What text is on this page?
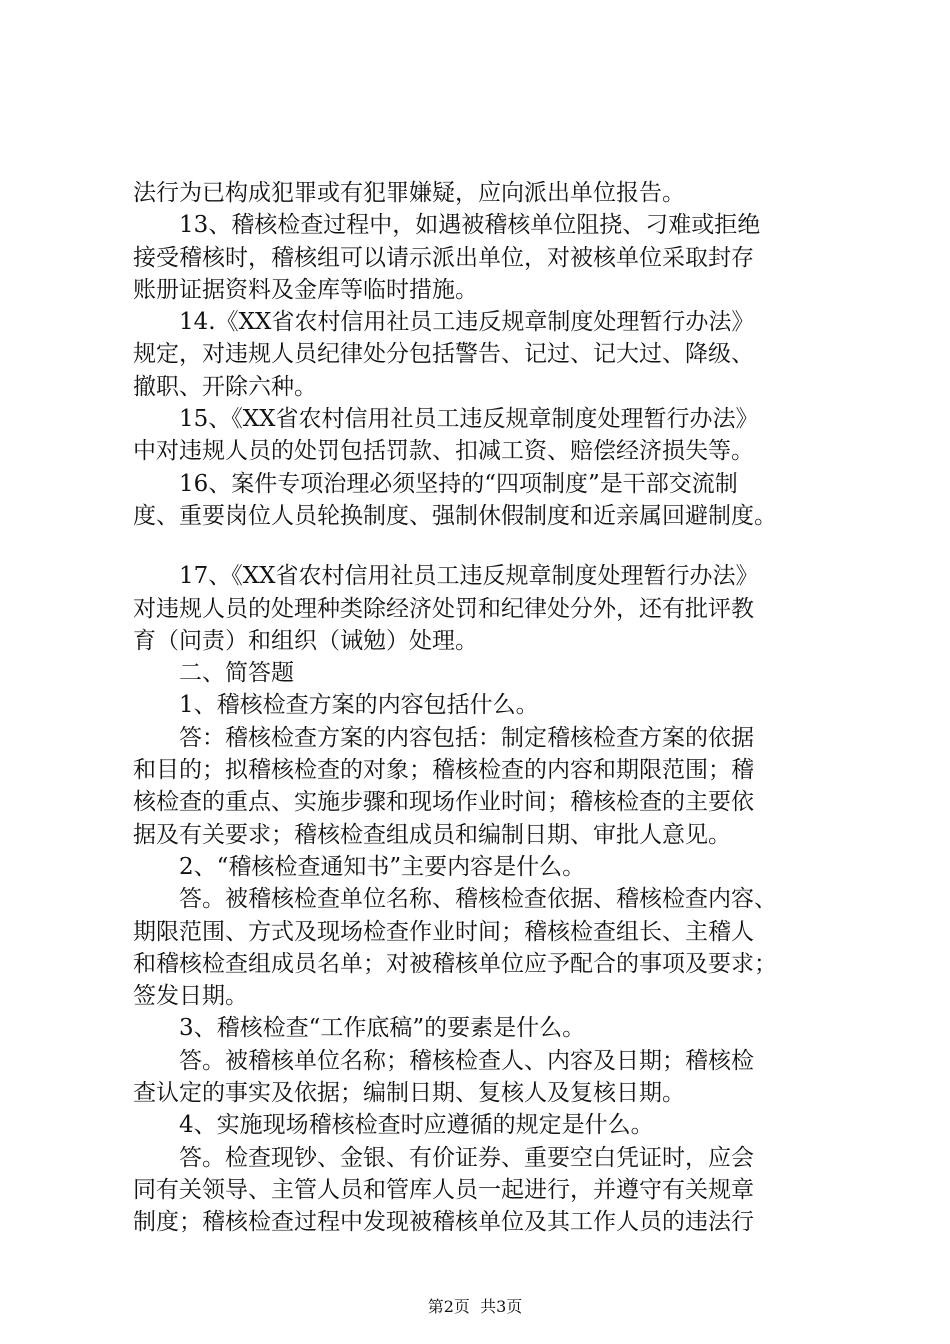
法行为已构成犯罪或有犯罪嫌疑，应向派出单位报告。
13、稽核检查过程中，如遇被稽核单位阻挠、刁难或拒绝
接受稽核时，稽核组可以请示派出单位，对被核单位采取封存
账册证据资料及金库等临时措施。
14.《XX省农村信用社员工违反规章制度处理暂行办法》
规定，对违规人员纪律处分包括警告、记过、记大过、降级、
撤职、开除六种。
15、《XX省农村信用社员工违反规章制度处理暂行办法》
中对违规人员的处罚包括罚款、扣减工资、赔偿经济损失等。
16、案件专项治理必须坚持的“四项制度”是干部交流制
度、重要岗位人员轮换制度、强制休假制度和近亲属回避制度。
17、《XX省农村信用社员工违反规章制度处理暂行办法》
对违规人员的处理种类除经济处罚和纪律处分外，还有批评教
育（问责）和组织（诫勉）处理。
二、简答题
1、稽核检查方案的内容包括什么。
答：稽核检查方案的内容包括：制定稽核检查方案的依据
和目的；拟稽核检查的对象；稽核检查的内容和期限范围；稽
核检查的重点、实施步骤和现场作业时间；稽核检查的主要依
据及有关要求；稽核检查组成员和编制日期、审批人意见。
2、“稽核检查通知书”主要内容是什么。
答。被稽核检查单位名称、稽核检查依据、稽核检查内容、
期限范围、方式及现场检查作业时间；稽核检查组长、主稽人
和稽核检查组成员名单；对被稽核单位应予配合的事项及要求；
签发日期。
3、稽核检查“工作底稿”的要素是什么。
答。被稽核单位名称；稽核检查人、内容及日期；稽核检
查认定的事实及依据；编制日期、复核人及复核日期。
4、实施现场稽核检查时应遵循的规定是什么。
答。检查现钞、金银、有价证券、重要空白凭证时，应会
同有关领导、主管人员和管库人员一起进行，并遵守有关规章
制度；稽核检查过程中发现被稽核单位及其工作人员的违法行
第2页  共3页
